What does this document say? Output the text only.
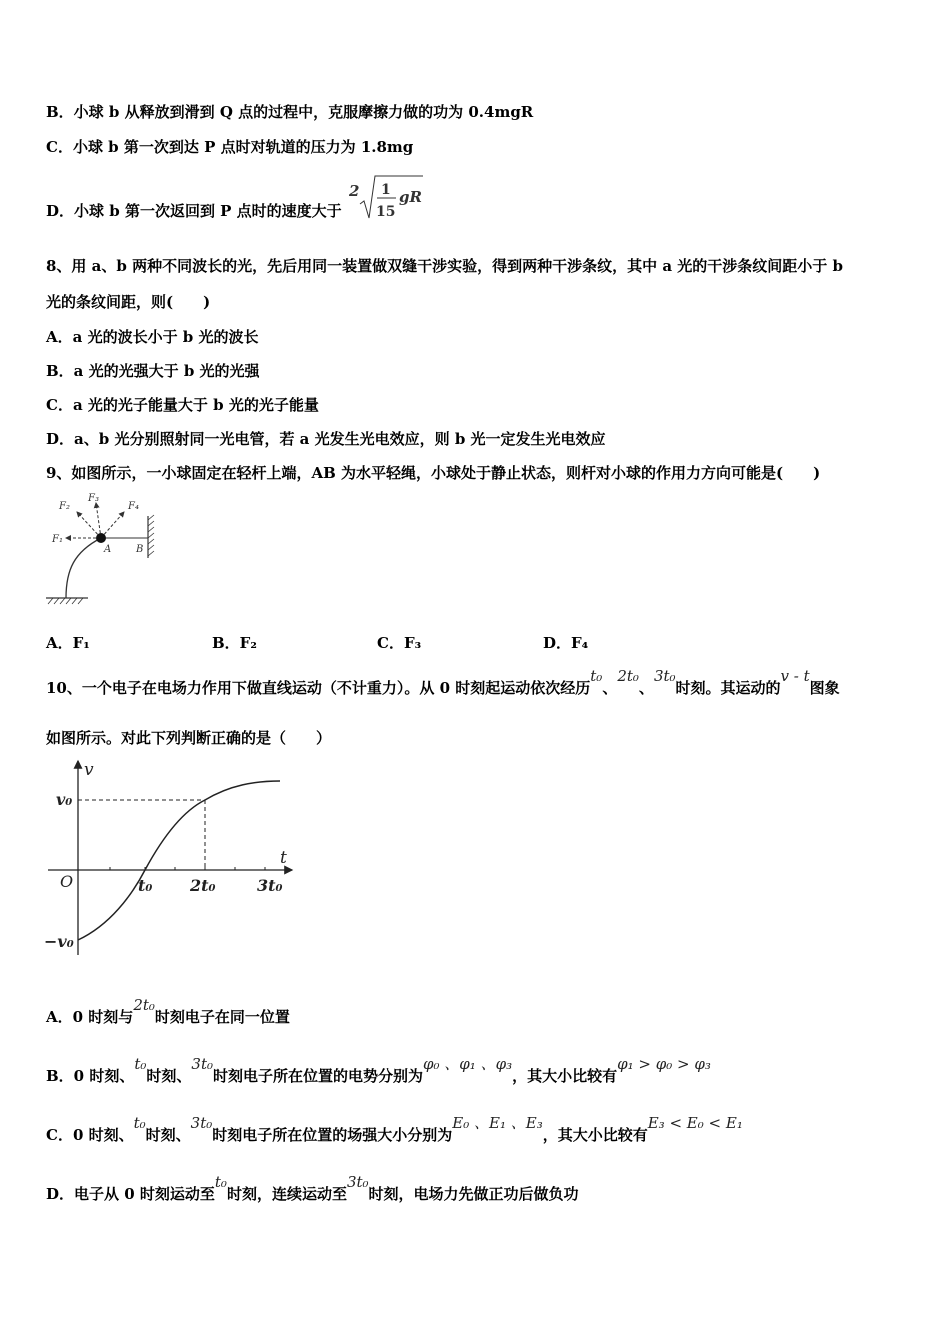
B．小球 b 从释放到滑到 Q 点的过程中，克服摩擦力做的功为 0.4mgR
C．小球 b 第一次到达 P 点时对轨道的压力为 1.8mg
D．小球 b 第一次返回到 P 点时的速度大于
2 1
15
gR
8、用 a、b 两种不同波长的光，先后用同一装置做双缝干涉实验，得到两种干涉条纹，其中 a 光的干涉条纹间距小于 b
光的条纹间距，则(　　)
A．a 光的波长小于 b 光的波长
B．a 光的光强大于 b 光的光强
C．a 光的光子能量大于 b 光的光子能量
D．a、b 光分别照射同一光电管，若 a 光发生光电效应，则 b 光一定发生光电效应
9、如图所示，一小球固定在轻杆上端，AB 为水平轻绳，小球处于静止状态，则杆对小球的作用力方向可能是(　　)
F₁
F₂
F₃
F₄
A B
A．F₁	B．F₂	C．F₃	D．F₄
10、一个电子在电场力作用下做直线运动（不计重力）。从 0 时刻起运动依次经历t₀、2t₀、3t₀时刻。其运动的v - t图象
如图所示。对此下列判断正确的是（　　）
v
t
v₀
−v₀
O	t₀ 2t₀	3t₀
A．0 时刻与2t₀时刻电子在同一位置
B．0 时刻、t₀时刻、3t₀时刻电子所在位置的电势分别为φ₀ 、φ₁ 、φ₃，其大小比较有φ₁ > φ₀ > φ₃
C．0 时刻、t₀时刻、3t₀时刻电子所在位置的场强大小分别为E₀ 、E₁ 、E₃，其大小比较有E₃ < E₀ < E₁
D．电子从 0 时刻运动至t₀时刻，连续运动至3t₀时刻，电场力先做正功后做负功
